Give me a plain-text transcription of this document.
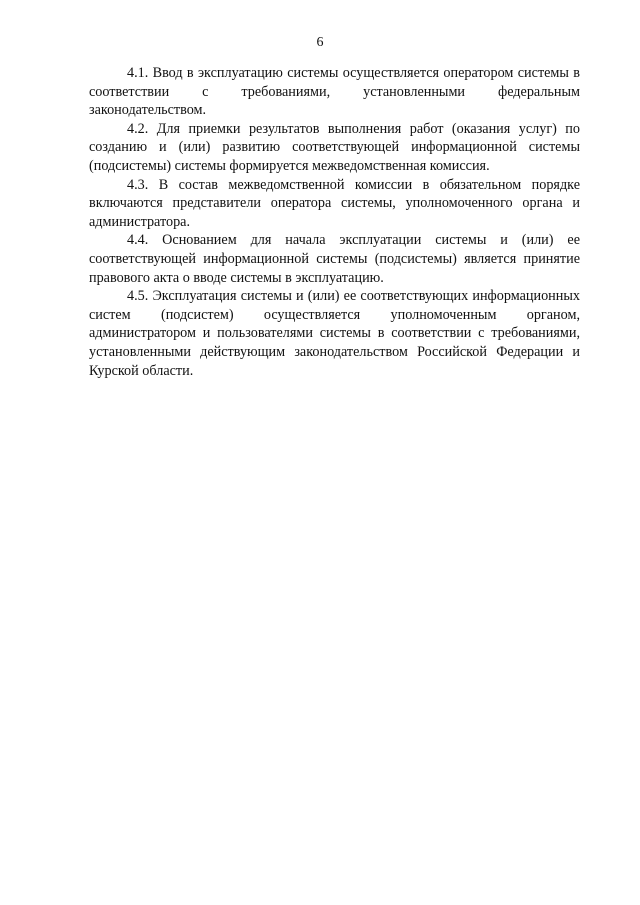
6

4.1. Ввод в эксплуатацию системы осуществляется оператором системы в соответствии с требованиями, установленными федеральным законодательством.

4.2. Для приемки результатов выполнения работ (оказания услуг) по созданию и (или) развитию соответствующей информационной системы (подсистемы) системы формируется межведомственная комиссия.

4.3. В состав межведомственной комиссии в обязательном порядке включаются представители оператора системы, уполномоченного органа и администратора.

4.4. Основанием для начала эксплуатации системы и (или) ее соответствующей информационной системы (подсистемы) является принятие правового акта о вводе системы в эксплуатацию.

4.5. Эксплуатация системы и (или) ее соответствующих информационных систем (подсистем) осуществляется уполномоченным органом, администратором и пользователями системы в соответствии с требованиями, установленными действующим законодательством Российской Федерации и Курской области.
